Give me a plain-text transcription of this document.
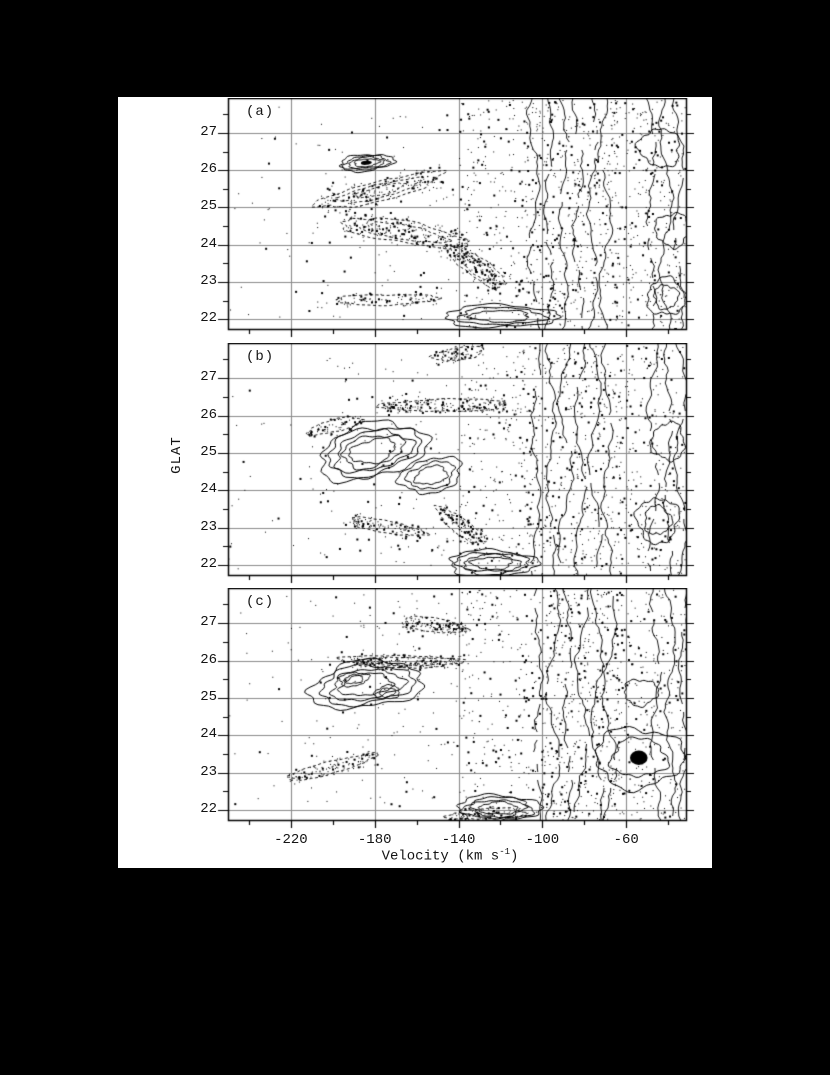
(a)
22
23
24
25
26
27
(b)
22
23
24
25
26
27
(c)
22
23
24
25
26
27
-220	-180	-140	-100	-60
Velocity (km $s^{-1}$)
GLAT
